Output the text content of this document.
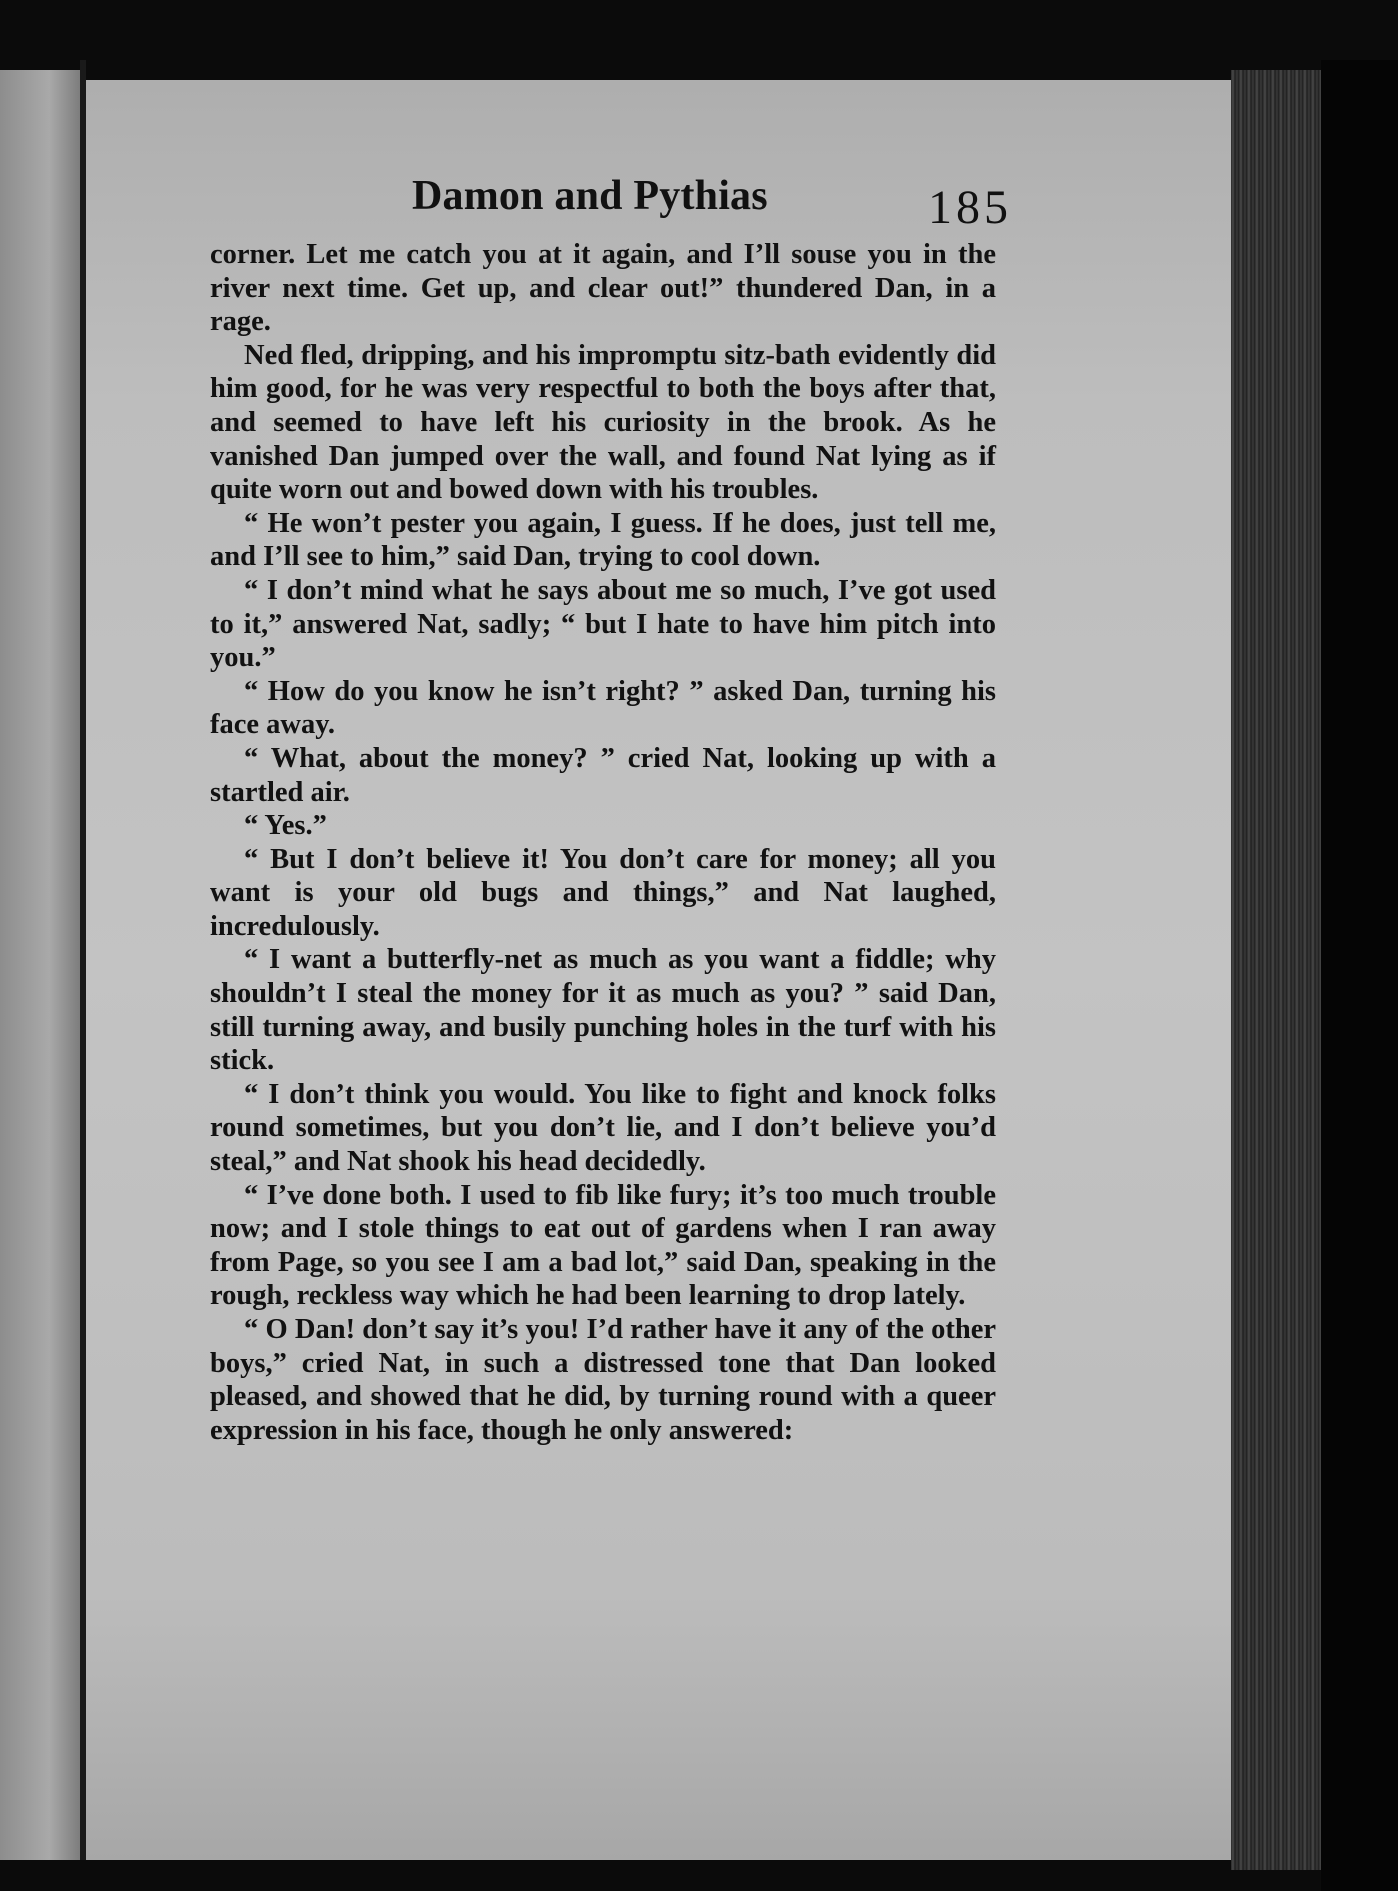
Damon and Pythias	185

corner. Let me catch you at it again, and I’ll souse you in the river next time. Get up, and clear out!” thundered Dan, in a rage.

Ned fled, dripping, and his impromptu sitz-bath evidently did him good, for he was very respectful to both the boys after that, and seemed to have left his curiosity in the brook. As he vanished Dan jumped over the wall, and found Nat lying as if quite worn out and bowed down with his troubles.

“ He won’t pester you again, I guess. If he does, just tell me, and I’ll see to him,” said Dan, trying to cool down.

“ I don’t mind what he says about me so much, I’ve got used to it,” answered Nat, sadly; “ but I hate to have him pitch into you.”

“ How do you know he isn’t right? ” asked Dan, turning his face away.

“ What, about the money? ” cried Nat, looking up with a startled air.

“ Yes.”

“ But I don’t believe it! You don’t care for money; all you want is your old bugs and things,” and Nat laughed, incredulously.

“ I want a butterfly-net as much as you want a fiddle; why shouldn’t I steal the money for it as much as you? ” said Dan, still turning away, and busily punching holes in the turf with his stick.

“ I don’t think you would. You like to fight and knock folks round sometimes, but you don’t lie, and I don’t believe you’d steal,” and Nat shook his head decidedly.

“ I’ve done both. I used to fib like fury; it’s too much trouble now; and I stole things to eat out of gardens when I ran away from Page, so you see I am a bad lot,” said Dan, speaking in the rough, reckless way which he had been learning to drop lately.

“ O Dan! don’t say it’s you! I’d rather have it any of the other boys,” cried Nat, in such a distressed tone that Dan looked pleased, and showed that he did, by turning round with a queer expression in his face, though he only answered:
